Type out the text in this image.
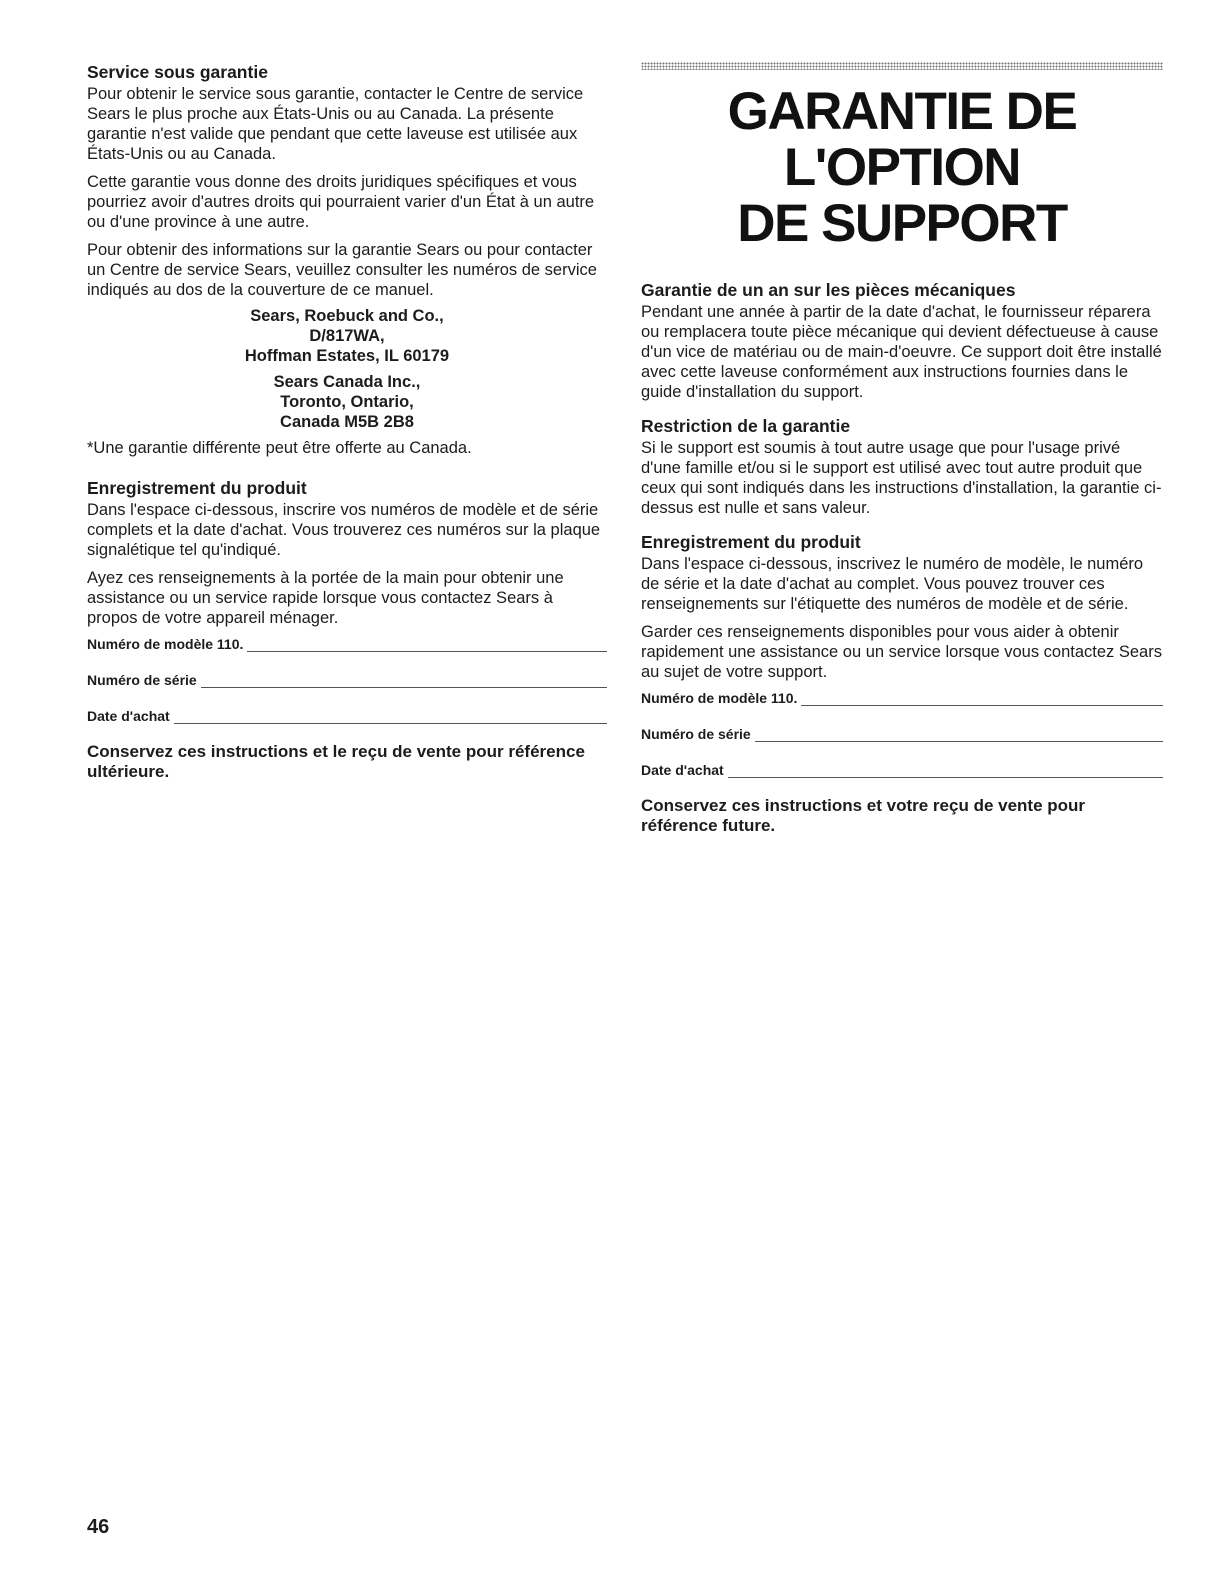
Service sous garantie

Pour obtenir le service sous garantie, contacter le Centre de service Sears le plus proche aux États-Unis ou au Canada. La présente garantie n'est valide que pendant que cette laveuse est utilisée aux États-Unis ou au Canada.

Cette garantie vous donne des droits juridiques spécifiques et vous pourriez avoir d'autres droits qui pourraient varier d'un État à un autre ou d'une province à une autre.

Pour obtenir des informations sur la garantie Sears ou pour contacter un Centre de service Sears, veuillez consulter les numéros de service indiqués au dos de la couverture de ce manuel.

Sears, Roebuck and Co.,
D/817WA,
Hoffman Estates, IL 60179
Sears Canada Inc.,
Toronto, Ontario,
Canada M5B 2B8
*Une garantie différente peut être offerte au Canada.
Enregistrement du produit

Dans l'espace ci-dessous, inscrire vos numéros de modèle et de série complets et la date d'achat. Vous trouverez ces numéros sur la plaque signalétique tel qu'indiqué.

Ayez ces renseignements à la portée de la main pour obtenir une assistance ou un service rapide lorsque vous contactez Sears à propos de votre appareil ménager.

Numéro de modèle 110.
Numéro de série
Date d'achat
Conservez ces instructions et le reçu de vente pour référence ultérieure.
GARANTIE DE L'OPTION
DE SUPPORT
Garantie de un an sur les pièces mécaniques

Pendant une année à partir de la date d'achat, le fournisseur réparera ou remplacera toute pièce mécanique qui devient défectueuse à cause d'un vice de matériau ou de main-d'oeuvre. Ce support doit être installé avec cette laveuse conformément aux instructions fournies dans le guide d'installation du support.

Restriction de la garantie

Si le support est soumis à tout autre usage que pour l'usage privé d'une famille et/ou si le support est utilisé avec tout autre produit que ceux qui sont indiqués dans les instructions d'installation, la garantie ci-dessus est nulle et sans valeur.

Enregistrement du produit

Dans l'espace ci-dessous, inscrivez le numéro de modèle, le numéro de série et la date d'achat au complet. Vous pouvez trouver ces renseignements sur l'étiquette des numéros de modèle et de série.

Garder ces renseignements disponibles pour vous aider à obtenir rapidement une assistance ou un service lorsque vous contactez Sears au sujet de votre support.

Numéro de modèle 110.
Numéro de série
Date d'achat
Conservez ces instructions et votre reçu de vente pour référence future.
46
